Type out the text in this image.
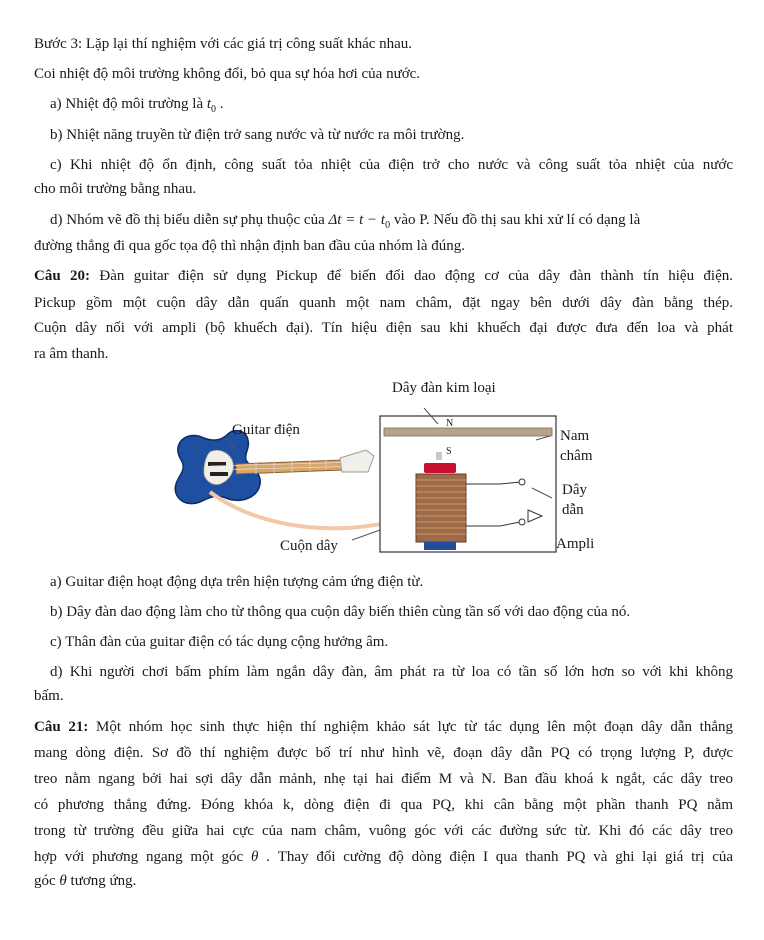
Bước 3: Lặp lại thí nghiệm với các giá trị công suất khác nhau.
Coi nhiệt độ môi trường không đổi, bỏ qua sự hóa hơi của nước.
a) Nhiệt độ môi trường là $t_0$ .
b) Nhiệt năng truyền từ điện trở sang nước và từ nước ra môi trường.
c) Khi nhiệt độ ổn định, công suất tỏa nhiệt của điện trở cho nước và công suất tỏa nhiệt của nước
cho môi trường bằng nhau.
d) Nhóm vẽ đồ thị biểu diễn sự phụ thuộc của $\Delta t = t - t_0$ vào P. Nếu đồ thị sau khi xử lí có dạng là
đường thẳng đi qua gốc tọa độ thì nhận định ban đầu của nhóm là đúng.
Câu 20: Đàn guitar điện sử dụng Pickup để biến đổi dao động cơ của dây đàn thành tín hiệu điện.
Pickup gồm một cuộn dây dẫn quấn quanh một nam châm, đặt ngay bên dưới dây đàn bằng thép.
Cuộn dây nối với ampli (bộ khuếch đại). Tín hiệu điện sau khi khuếch đại được đưa đến loa và phát
ra âm thanh.
Dây đàn kim loại
Guitar điện
Cuộn dây
Nam
châm
Dây
dẫn
Ampli
N
S
a) Guitar điện hoạt động dựa trên hiện tượng cảm ứng điện từ.
b) Dây đàn dao động làm cho từ thông qua cuộn dây biến thiên cùng tần số với dao động của nó.
c) Thân đàn của guitar điện có tác dụng cộng hưởng âm.
d) Khi người chơi bấm phím làm ngắn dây đàn, âm phát ra từ loa có tần số lớn hơn so với khi không
bấm.
Câu 21: Một nhóm học sinh thực hiện thí nghiệm khảo sát lực từ tác dụng lên một đoạn dây dẫn thẳng
mang dòng điện. Sơ đồ thí nghiệm được bố trí như hình vẽ, đoạn dây dẫn PQ có trọng lượng P, được
treo nằm ngang bởi hai sợi dây dẫn mảnh, nhẹ tại hai điểm M và N. Ban đầu khoá k ngắt, các dây treo
có phương thẳng đứng. Đóng khóa k, dòng điện đi qua PQ, khi cân bằng một phần thanh PQ nằm
trong từ trường đều giữa hai cực của nam châm, vuông góc với các đường sức từ. Khi đó các dây treo
hợp với phương ngang một góc θ . Thay đổi cường độ dòng điện I qua thanh PQ và ghi lại giá trị của
góc θ tương ứng.
